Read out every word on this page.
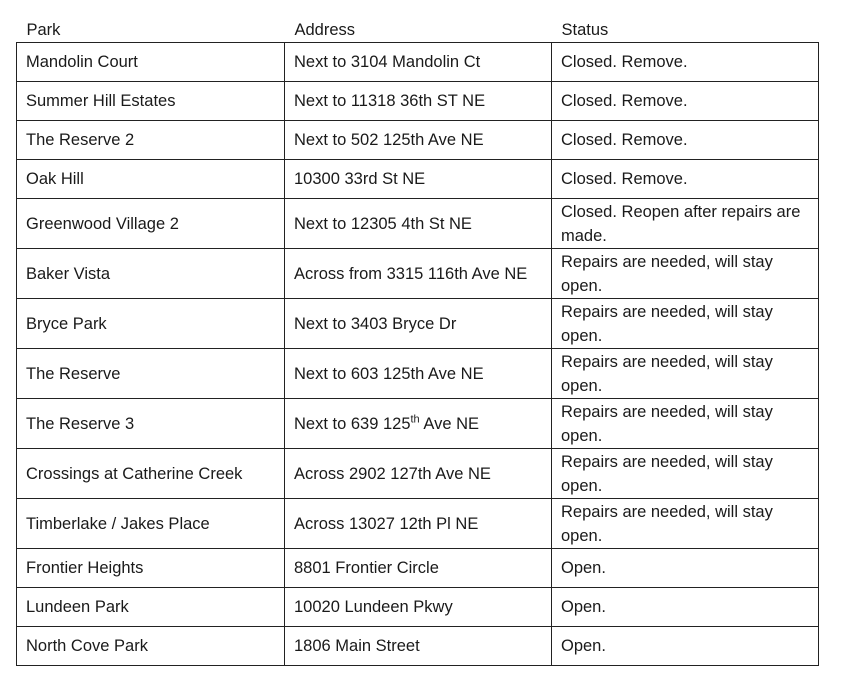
Park	Address	Status
Mandolin Court	Next to 3104 Mandolin Ct	Closed. Remove.
Summer Hill Estates	Next to 11318 36th ST NE	Closed. Remove.
The Reserve 2	Next to 502 125th Ave NE	Closed. Remove.
Oak Hill	10300 33rd St NE	Closed. Remove.
Greenwood Village 2	Next to 12305 4th St NE	Closed. Reopen after repairs are made.
Baker Vista	Across from 3315 116th Ave NE	Repairs are needed, will stay open.
Bryce Park	Next to 3403 Bryce Dr	Repairs are needed, will stay open.
The Reserve	Next to 603 125th Ave NE	Repairs are needed, will stay open.
The Reserve 3	Next to 639 125th Ave NE	Repairs are needed, will stay open.
Crossings at Catherine Creek	Across 2902 127th Ave NE	Repairs are needed, will stay open.
Timberlake / Jakes Place	Across 13027 12th Pl NE	Repairs are needed, will stay open.
Frontier Heights	8801 Frontier Circle	Open.
Lundeen Park	10020 Lundeen Pkwy	Open.
North Cove Park	1806 Main Street	Open.
